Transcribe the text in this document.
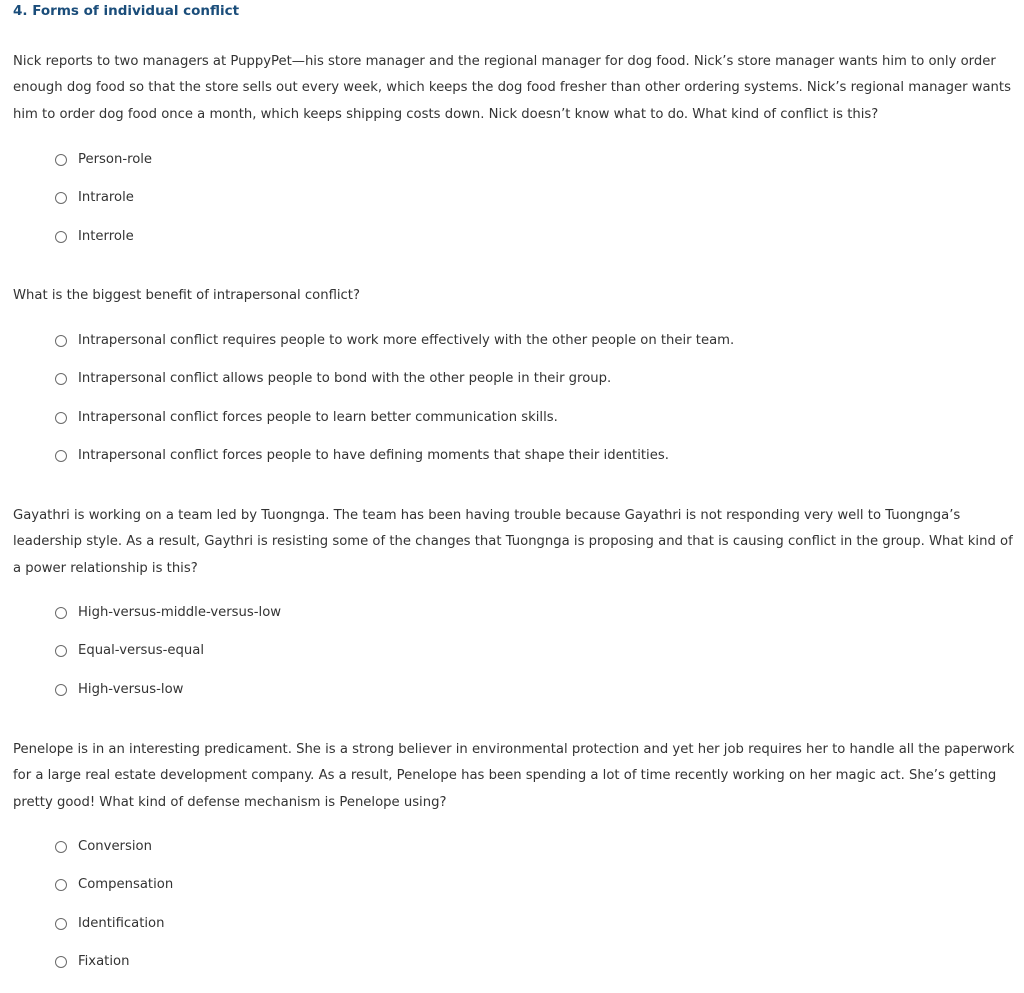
4. Forms of individual conflict

Nick reports to two managers at PuppyPet—his store manager and the regional manager for dog food. Nick’s store manager wants him to only order enough dog food so that the store sells out every week, which keeps the dog food fresher than other ordering systems. Nick’s regional manager wants him to order dog food once a month, which keeps shipping costs down. Nick doesn’t know what to do. What kind of conflict is this?

Person-role
Intrarole
Interrole

What is the biggest benefit of intrapersonal conflict?

Intrapersonal conflict requires people to work more effectively with the other people on their team.
Intrapersonal conflict allows people to bond with the other people in their group.
Intrapersonal conflict forces people to learn better communication skills.
Intrapersonal conflict forces people to have defining moments that shape their identities.

Gayathri is working on a team led by Tuongnga. The team has been having trouble because Gayathri is not responding very well to Tuongnga’s leadership style. As a result, Gaythri is resisting some of the changes that Tuongnga is proposing and that is causing conflict in the group. What kind of a power relationship is this?

High-versus-middle-versus-low
Equal-versus-equal
High-versus-low

Penelope is in an interesting predicament. She is a strong believer in environmental protection and yet her job requires her to handle all the paperwork for a large real estate development company. As a result, Penelope has been spending a lot of time recently working on her magic act. She’s getting pretty good! What kind of defense mechanism is Penelope using?

Conversion
Compensation
Identification
Fixation
